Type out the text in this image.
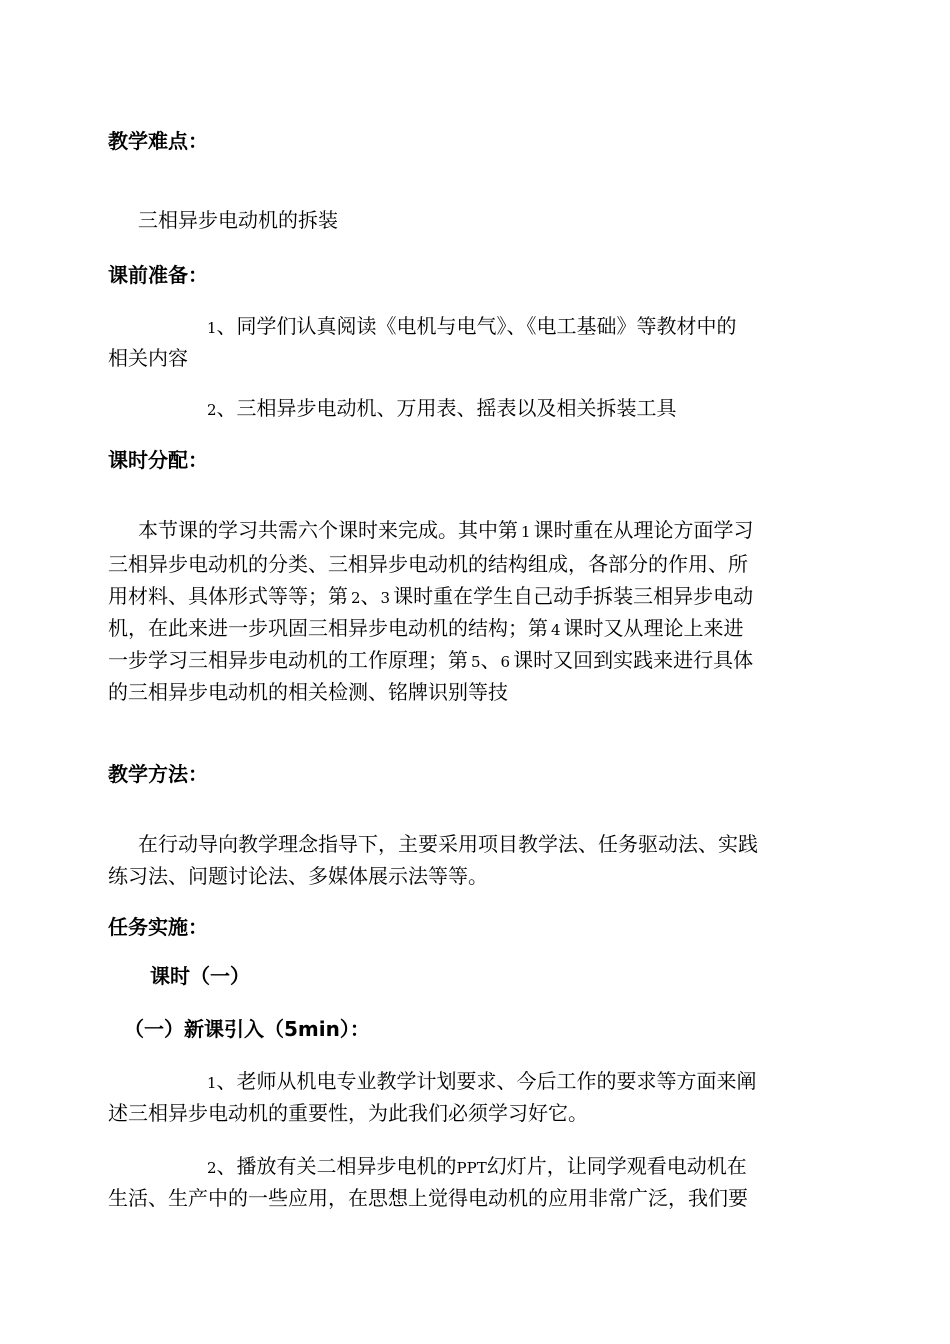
教学难点：
三相异步电动机的拆装
课前准备：
1、同学们认真阅读《电机与电气》、《电工基础》等教材中的
相关内容
2、三相异步电动机、万用表、摇表以及相关拆装工具
课时分配：
本节课的学习共需六个课时来完成。其中第 1 课时重在从理论方面学习
三相异步电动机的分类、三相异步电动机的结构组成，各部分的作用、所
用材料、具体形式等等；第 2、3 课时重在学生自己动手拆装三相异步电动
机，在此来进一步巩固三相异步电动机的结构；第 4 课时又从理论上来进
一步学习三相异步电动机的工作原理；第 5、6 课时又回到实践来进行具体
的三相异步电动机的相关检测、铭牌识别等技
教学方法：
在行动导向教学理念指导下，主要采用项目教学法、任务驱动法、实践
练习法、问题讨论法、多媒体展示法等等。
任务实施：
课时（一）
（一）新课引入（5min）：
1、老师从机电专业教学计划要求、今后工作的要求等方面来阐
述三相异步电动机的重要性，为此我们必须学习好它。
2、播放有关二相异步电机的PPT幻灯片，让同学观看电动机在
生活、生产中的一些应用，在思想上觉得电动机的应用非常广泛，我们要
